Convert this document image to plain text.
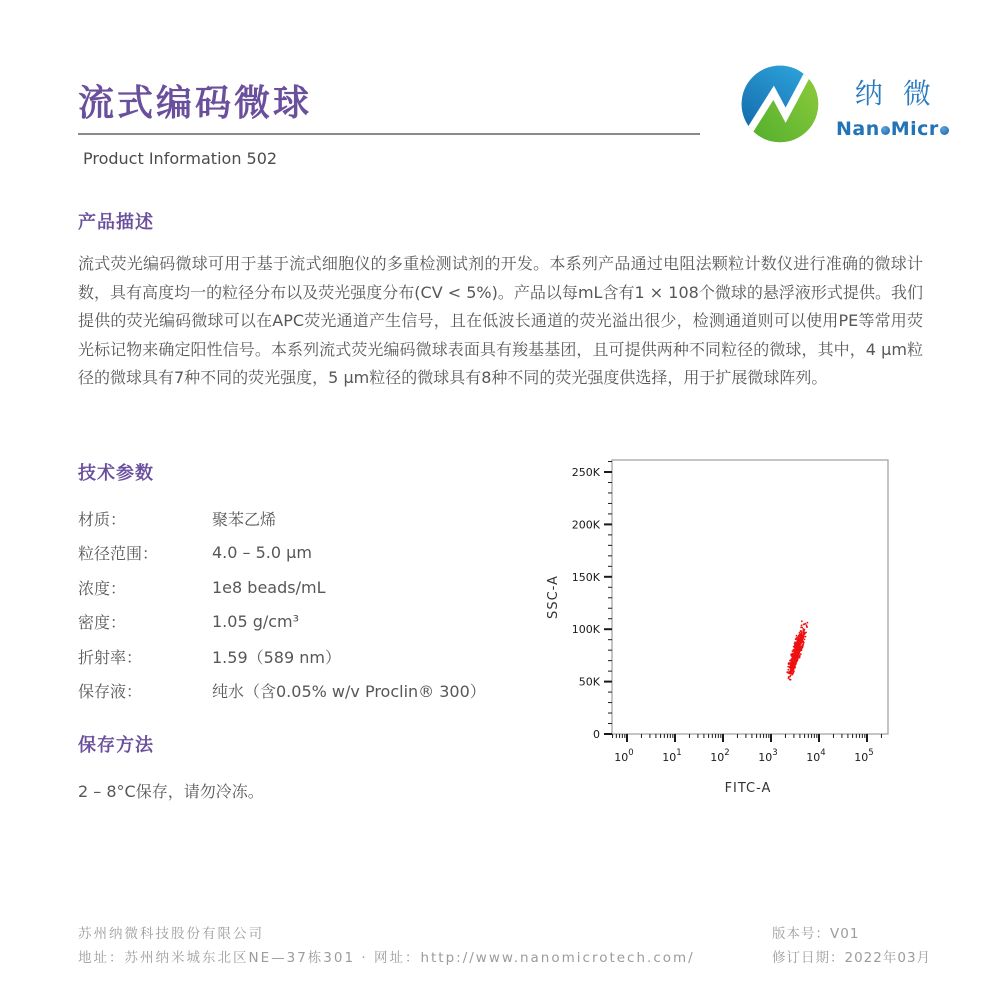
流式编码微球
Product Information 502
纳微
Nan Micr
产品描述

流式荧光编码微球可用于基于流式细胞仪的多重检测试剂的开发。本系列产品通过电阻法颗粒计数仪进行准确的微球计数，具有高度均一的粒径分布以及荧光强度分布(CV < 5%)。产品以每mL含有1 × 108个微球的悬浮液形式提供。我们提供的荧光编码微球可以在APC荧光通道产生信号，且在低波长通道的荧光溢出很少，检测通道则可以使用PE等常用荧光标记物来确定阳性信号。本系列流式荧光编码微球表面具有羧基基团，且可提供两种不同粒径的微球，其中，4 μm粒径的微球具有7种不同的荧光强度，5 μm粒径的微球具有8种不同的荧光强度供选择，用于扩展微球阵列。

技术参数
材质：	聚苯乙烯
粒径范围：	4.0 – 5.0 μm
浓度：	1e8 beads/mL
密度：	1.05 g/cm³
折射率：	1.59（589 nm）
保存液：	纯水（含0.05% w/v Proclin® 300）
保存方法

2 – 8°C保存，请勿冷冻。

0
50K
100K
150K
200K
250K
$10^0$	$10^1$	$10^2$	$10^3$	$10^4$	$10^5$
FITC-A
SSC-A
苏州纳微科技股份有限公司
地址：苏州纳米城东北区NE—37栋301 · 网址：http://www.nanomicrotech.com/
版本号：V01
修订日期：2022年03月
